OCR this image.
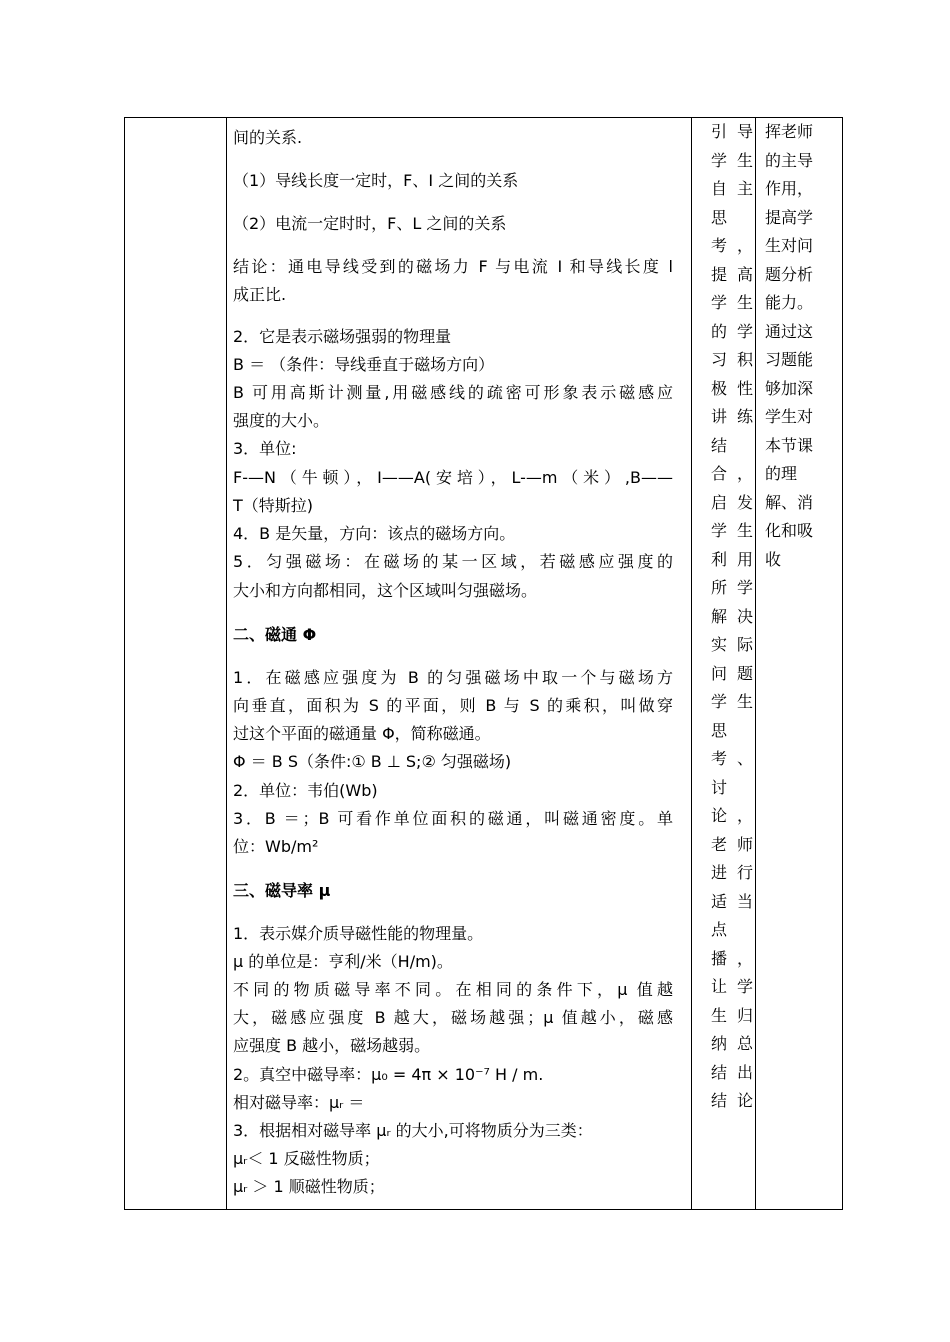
间的关系.
（1）导线长度一定时，F、I 之间的关系
（2）电流一定时时，F、L 之间的关系
结论：通电导线受到的磁场力 F 与电流 I 和导线长度 l
成正比.
2．它是表示磁场强弱的物理量
B ＝ （条件：导线垂直于磁场方向）
B 可用高斯计测量,用磁感线的疏密可形象表示磁感应
强度的大小。
3．单位:
F-—N（牛顿），I——A(安培），L-—m（米）,B——
T（特斯拉)
4．B 是矢量，方向：该点的磁场方向。
5．匀强磁场：在磁场的某一区域，若磁感应强度的
大小和方向都相同，这个区域叫匀强磁场。
二、磁通 Φ
1．在磁感应强度为 B 的匀强磁场中取一个与磁场方
向垂直，面积为 S 的平面，则 B 与 S 的乘积，叫做穿
过这个平面的磁通量 Φ，简称磁通。
Φ ＝ B S（条件:① B ⊥ S;② 匀强磁场)
2．单位：韦伯(Wb)
3．B ＝；B 可看作单位面积的磁通，叫磁通密度。单
位：Wb/m²
三、磁导率 μ
1．表示媒介质导磁性能的物理量。
μ 的单位是：亨利/米（H/m)。
不同的物质磁导率不同。在相同的条件下，μ 值越
大，磁感应强度 B 越大，磁场越强；μ 值越小，磁感
应强度 B 越小，磁场越弱。
2。真空中磁导率：μ₀ = 4π × 10⁻⁷ H / m.
相对磁导率：μᵣ ＝
3．根据相对磁导率 μᵣ 的大小,可将物质分为三类：
μᵣ＜ 1 反磁性物质；
μᵣ ＞ 1 顺磁性物质；
引导
学生
自主
思
考，
提高
学生
的学
习积
极性
讲练
结
合，
启发
学生
利用
所学
解决
实际
问题
学生
思
考、
讨
论，
老师
进行
适当
点
播，
让学
生归
纳总
结出
结论
挥老师
的主导
作用，
提高学
生对问
题分析
能力。
通过这
习题能
够加深
学生对
本节课
的理
解、消
化和吸
收
